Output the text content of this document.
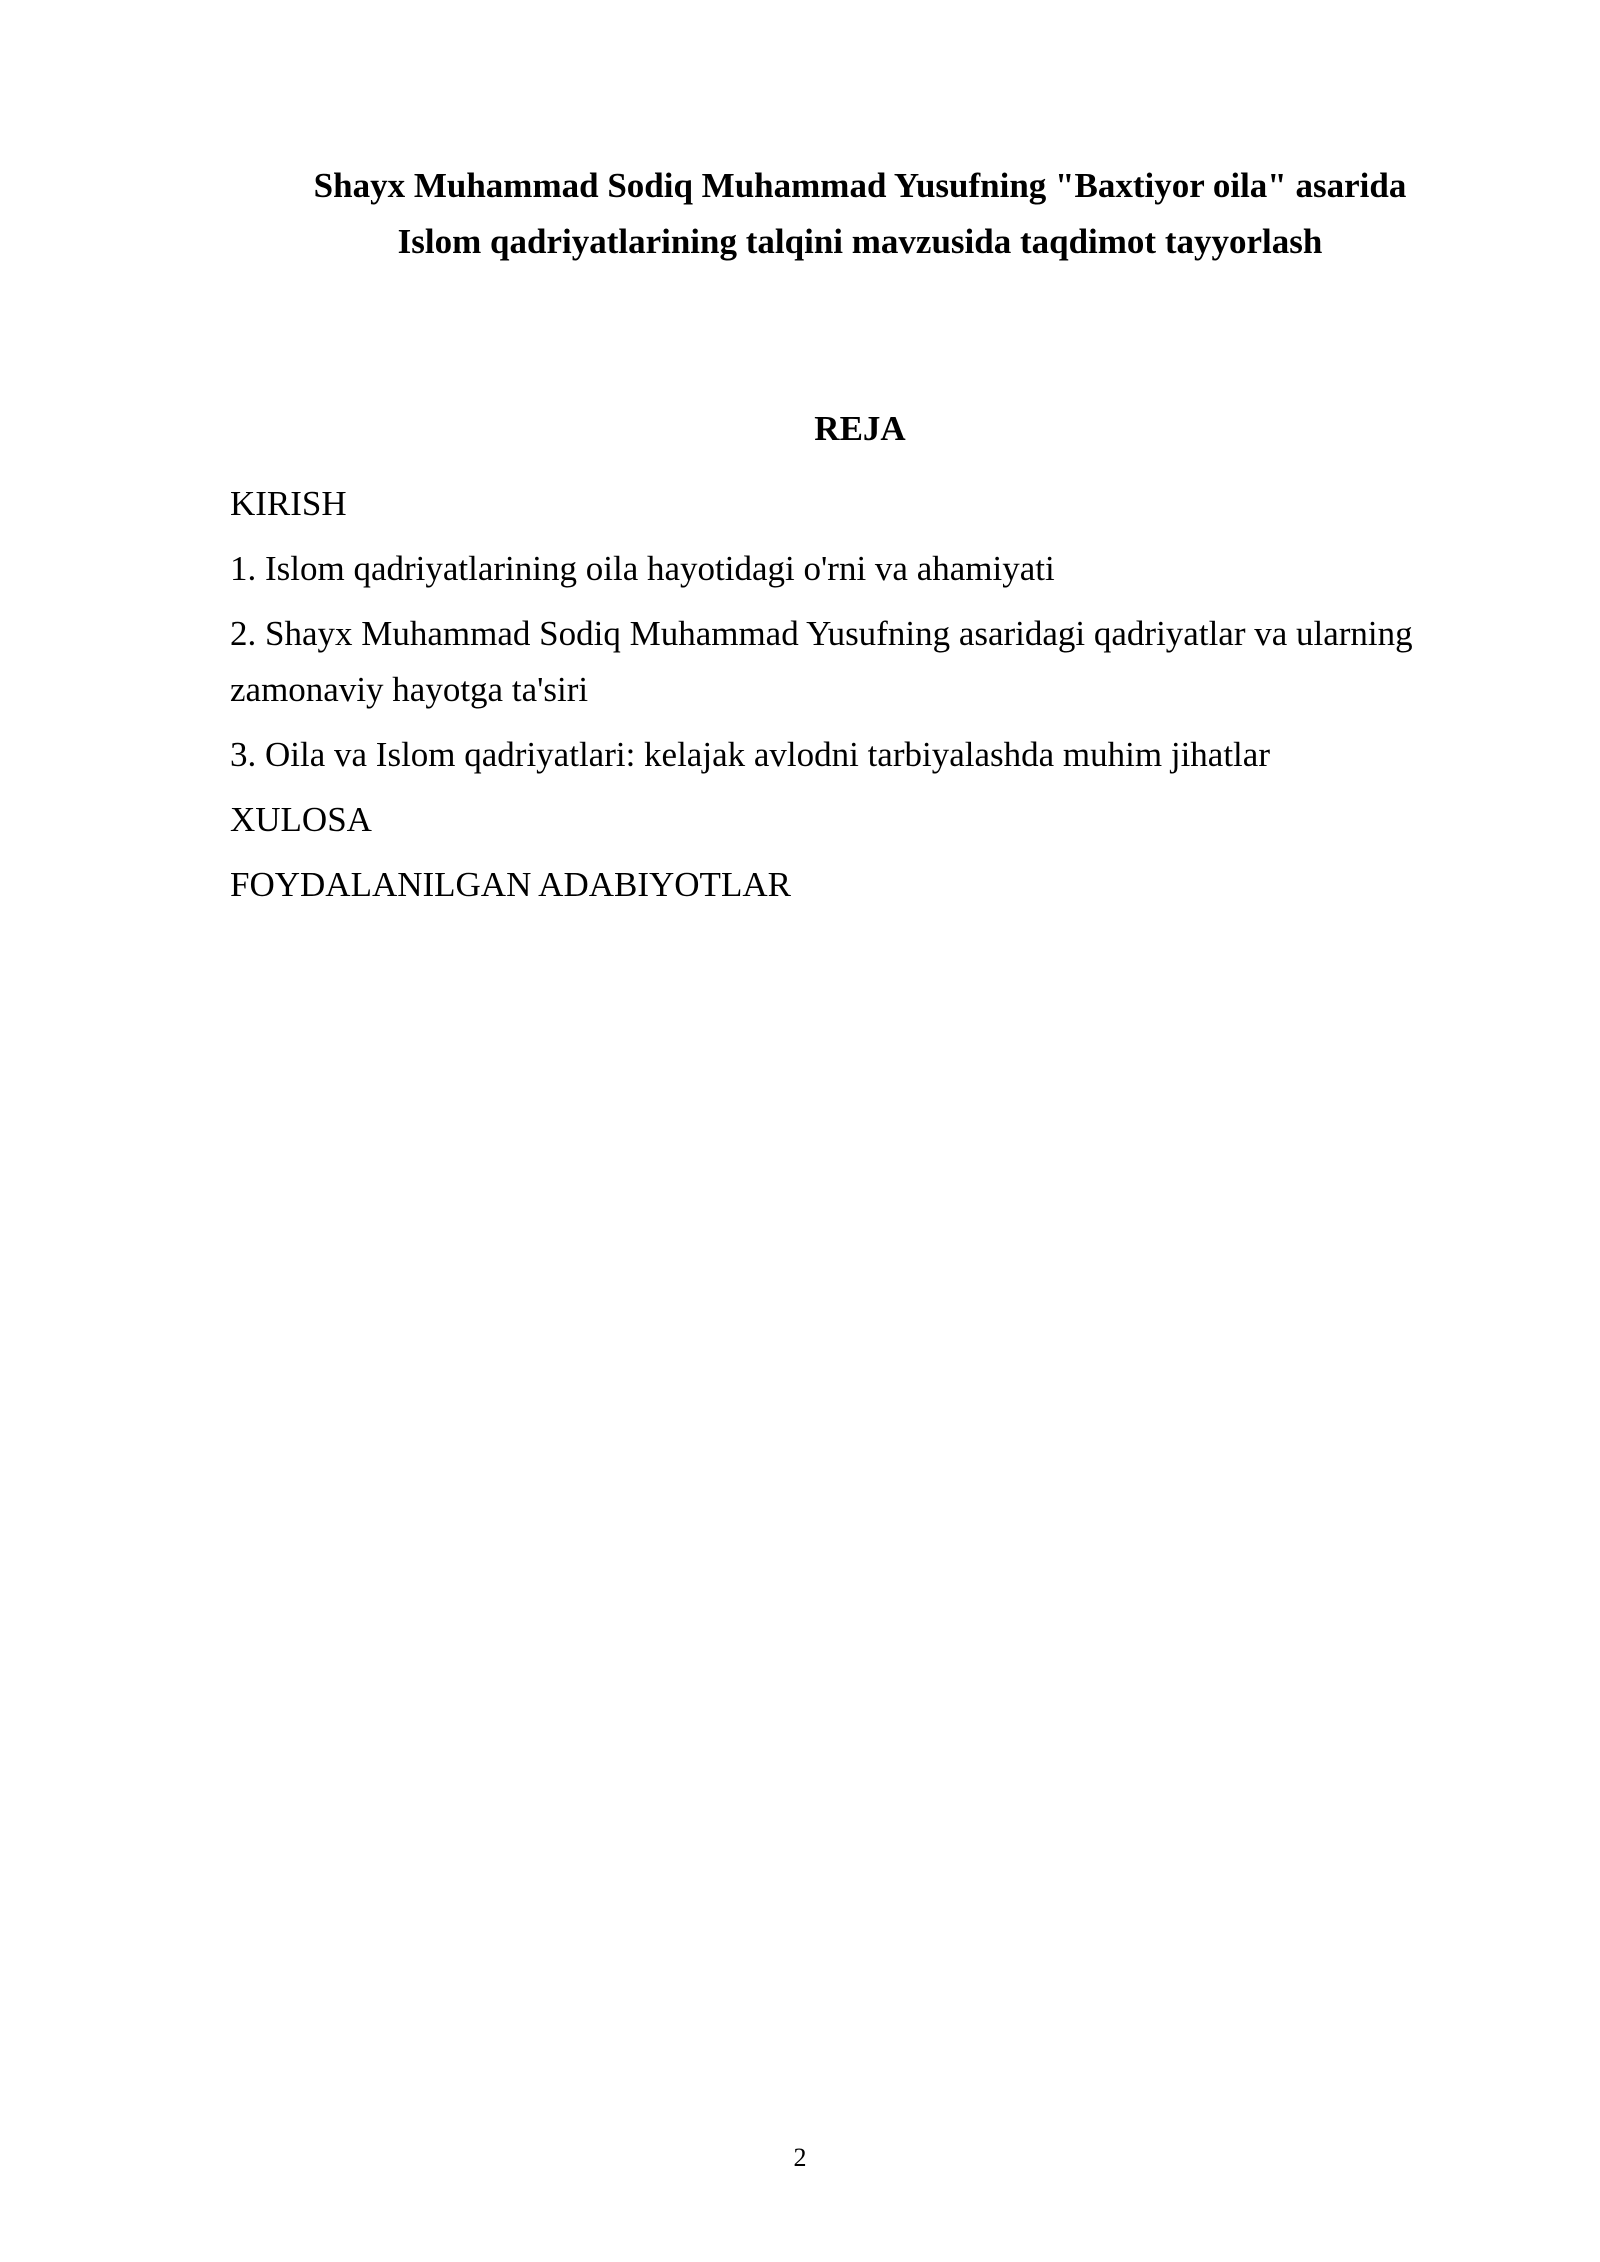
Shayx Muhammad Sodiq Muhammad Yusufning "Baxtiyor oila" asarida
Islom qadriyatlarining talqini mavzusida taqdimot tayyorlash
REJA
KIRISH
1. Islom qadriyatlarining oila hayotidagi o'rni va ahamiyati
2. Shayx Muhammad Sodiq Muhammad Yusufning asaridagi qadriyatlar va ularning zamonaviy hayotga ta'siri
3. Oila va Islom qadriyatlari: kelajak avlodni tarbiyalashda muhim jihatlar
XULOSA
FOYDALANILGAN ADABIYOTLAR
2
